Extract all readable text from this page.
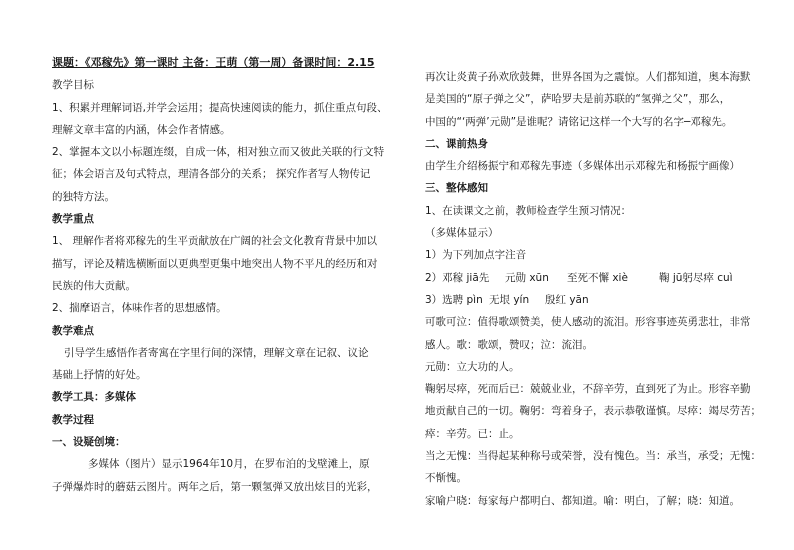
课题：《邓稼先》第一课时 主备：王萌（第一周）备课时间：2.15

教学目标

1、积累并理解词语,并学会运用；提高快速阅读的能力，抓住重点句段、

理解文章丰富的内涵，体会作者情感。

2、掌握本文以小标题连缀，自成一体，相对独立而又彼此关联的行文特

征；体会语言及句式特点，理清各部分的关系； 探究作者写人物传记

的独特方法。

教学重点

1、 理解作者将邓稼先的生平贡献放在广阔的社会文化教育背景中加以

描写，评论及精选横断面以更典型更集中地突出人物不平凡的经历和对

民族的伟大贡献。

2、揣摩语言，体味作者的思想感情。

教学难点

引导学生感悟作者寄寓在字里行间的深情，理解文章在记叙、议论

基础上抒情的好处。

教学工具：多媒体

教学过程

一、设疑创境：

多媒体（图片）显示1964年10月，在罗布泊的戈壁滩上，原

子弹爆炸时的蘑菇云图片。两年之后，第一颗氢弹又放出炫目的光彩，

再次让炎黄子孙欢欣鼓舞，世界各国为之震惊。人们都知道，奥本海默

是美国的“原子弹之父”，萨哈罗夫是前苏联的“氢弹之父”，那么，

中国的“‘两弹’元勋”是谁呢？请铭记这样一个大写的名字─邓稼先。

二、课前热身

由学生介绍杨振宁和邓稼先事迹（多媒体出示邓稼先和杨振宁画像）

三、整体感知

1、在读课文之前，教师检查学生预习情况：

（多媒体显示）

1）为下列加点字注音

2）邓稼 jiā先 元勋 xūn 至死不懈 xiè	鞠 jū躬尽瘁 cuì

3）选聘 pìn 无垠 yín 殷红 yān

可歌可泣：值得歌颂赞美，使人感动的流泪。形容事迹英勇悲壮，非常

感人。歌：歌颂，赞叹；泣：流泪。

元勋：立大功的人。

鞠躬尽瘁，死而后已：兢兢业业，不辞辛劳，直到死了为止。形容辛勤

地贡献自己的一切。鞠躬：弯着身子，表示恭敬谨慎。尽瘁：竭尽劳苦；

瘁：辛劳。已：止。

当之无愧：当得起某种称号或荣誉，没有愧色。当：承当，承受；无愧：

不惭愧。

家喻户晓：每家每户都明白、都知道。喻：明白，了解；晓：知道。
